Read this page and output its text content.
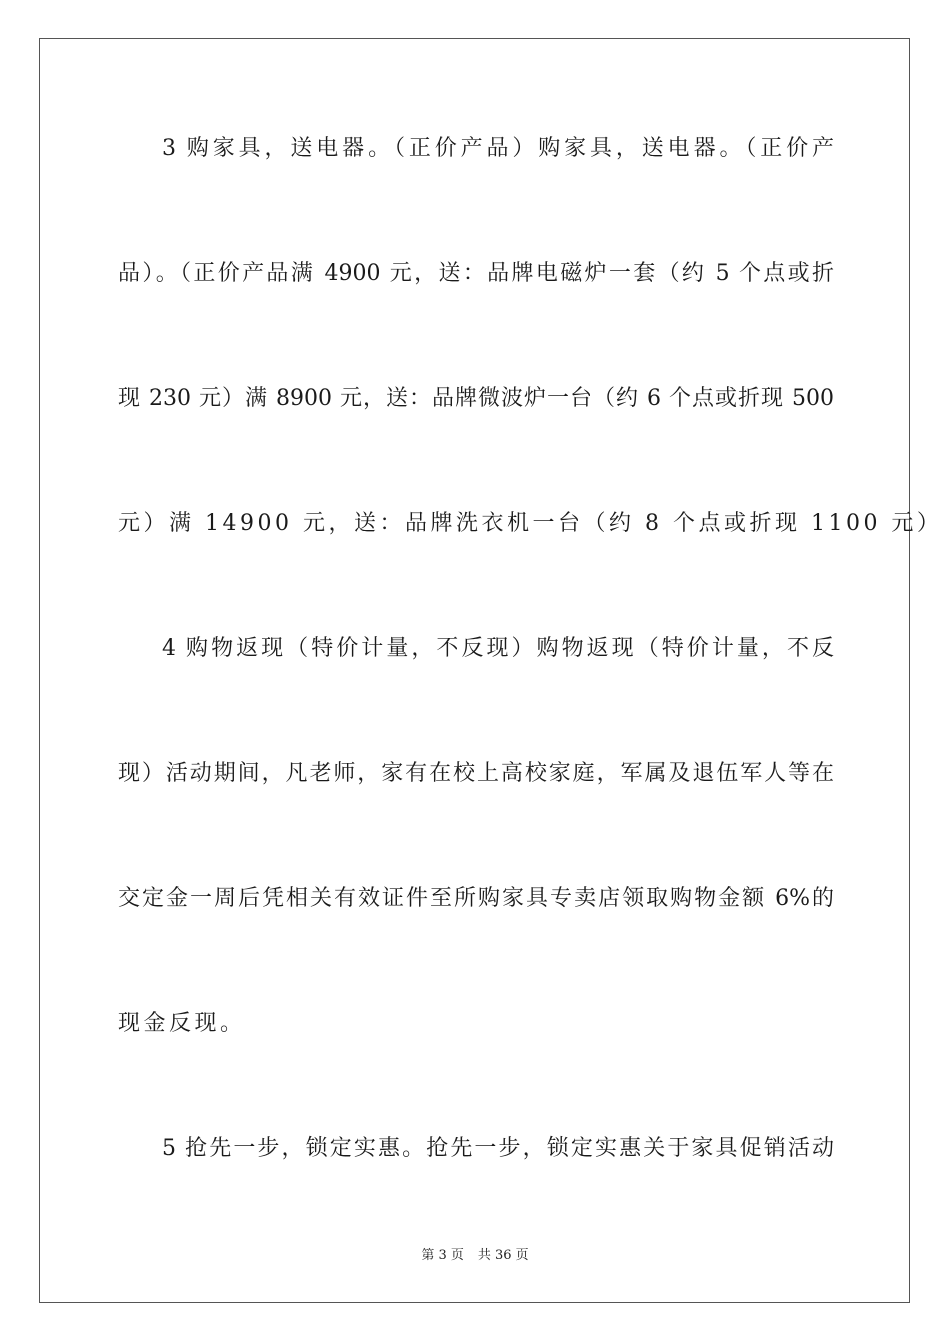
3 购家具，送电器。（正价产品）购家具，送电器。（正价产
品）。（正价产品满 4900 元，送：品牌电磁炉一套（约 5 个点或折
现 230 元）满 8900 元，送：品牌微波炉一台（约 6 个点或折现 500
元）满 14900 元，送：品牌洗衣机一台（约 8 个点或折现 1100 元）
4 购物返现（特价计量，不反现）购物返现（特价计量，不反
现）活动期间，凡老师，家有在校上高校家庭，军属及退伍军人等在
交定金一周后凭相关有效证件至所购家具专卖店领取购物金额 6%的
现金反现。
5 抢先一步，锁定实惠。抢先一步，锁定实惠关于家具促销活动
第 3 页 共 36 页
